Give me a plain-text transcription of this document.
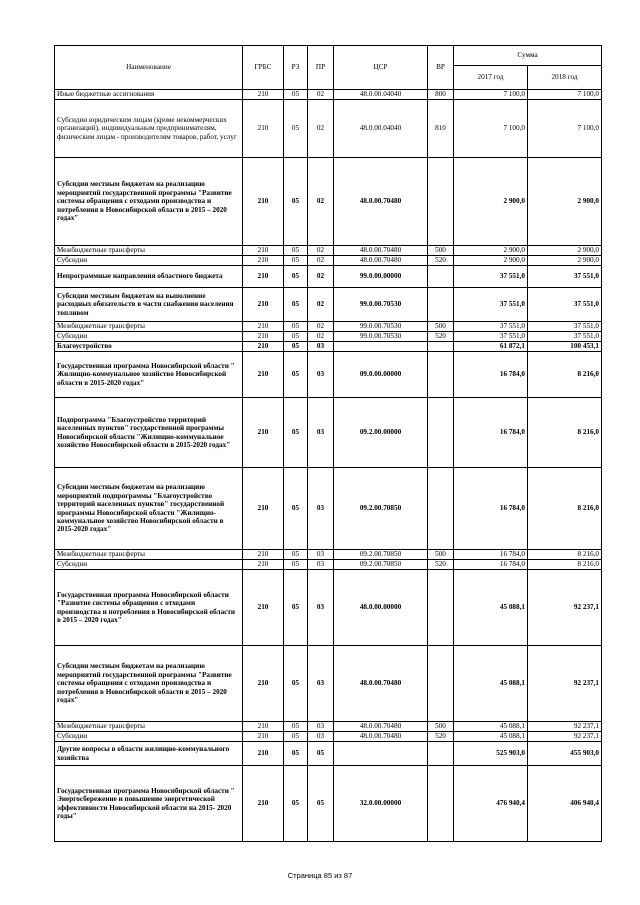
Наименование	ГРБС	РЗ	ПР	ЦСР	ВР	Сумма	
						2017 год	2018 год
Иные бюджетные ассигнования	210	05	02	48.0.00.04040	800	7 100,0	7 100,0
Субсидии юридическим лицам (кроме некоммерческих организаций), индивидуальным предпринимателям, физическим лицам - производителям товаров, работ, услуг	210	05	02	48.0.00.04040	810	7 100,0	7 100,0
Субсидии местным бюджетам на реализацию мероприятий государственной программы "Развитие системы обращения с отходами производства и потребления в Новосибирской области в 2015 – 2020 годах"	210	05	02	48.0.00.70480		2 900,0	2 900,0
Межбюджетные трансферты	210	05	02	48.0.00.70480	500	2 900,0	2 900,0
Субсидии	210	05	02	48.0.00.70480	520	2 900,0	2 900,0
Непрограммные направления областного бюджета	210	05	02	99.0.00.00000		37 551,0	37 551,0
Субсидии местным бюджетам на выполнение расходных обязательств в части снабжения населения топливом	210	05	02	99.0.00.70530		37 551,0	37 551,0
Межбюджетные трансферты	210	05	02	99.0.00.70530	500	37 551,0	37 551,0
Субсидии	210	05	02	99.0.00.70530	520	37 551,0	37 551,0
Благоустройство	210	05	03			61 872,1	100 453,1
Государственная программа Новосибирской области " Жилищно-коммунальное хозяйство Новосибирской области в 2015-2020 годах"	210	05	03	09.0.00.00000		16 784,0	8 216,0
Подпрограмма "Благоустройство территорий населенных пунктов" государственной программы Новосибирской области "Жилищно-коммунальное хозяйство Новосибирской области в 2015-2020 годах"	210	05	03	09.2.00.00000		16 784,0	8 216,0
Субсидии местным бюджетам на реализацию мероприятий подпрограммы "Благоустройство территорий населенных пунктов" государственной программы Новосибирской области "Жилищно-коммунальное хозяйство Новосибирской области в 2015-2020 годах"	210	05	03	09.2.00.70850		16 784,0	8 216,0
Межбюджетные трансферты	210	05	03	09.2.00.70850	500	16 784,0	8 216,0
Субсидии	210	05	03	09.2.00.70850	520	16 784,0	8 216,0
Государственная программа Новосибирской области "Развитие системы обращения с отходами производства и потребления в Новосибирской области в 2015 – 2020 годах"	210	05	03	48.0.00.00000		45 088,1	92 237,1
Субсидии местным бюджетам на реализацию мероприятий государственной программы "Развитие системы обращения с отходами производства и потребления в Новосибирской области в 2015 – 2020 годах"	210	05	03	48.0.00.70480		45 088,1	92 237,1
Межбюджетные трансферты	210	05	03	48.0.00.70480	500	45 088,1	92 237,1
Субсидии	210	05	03	48.0.00.70480	520	45 088,1	92 237,1
Другие вопросы в области жилищно-коммунального хозяйства	210	05	05			525 903,0	455 903,0
Государственная программа Новосибирской области " Энергосбережение и повышение энергетической эффективности Новосибирской области на 2015- 2020 годы"	210	05	05	32.0.00.00000		476 940,4	406 940,4
Страница 85 из 87
